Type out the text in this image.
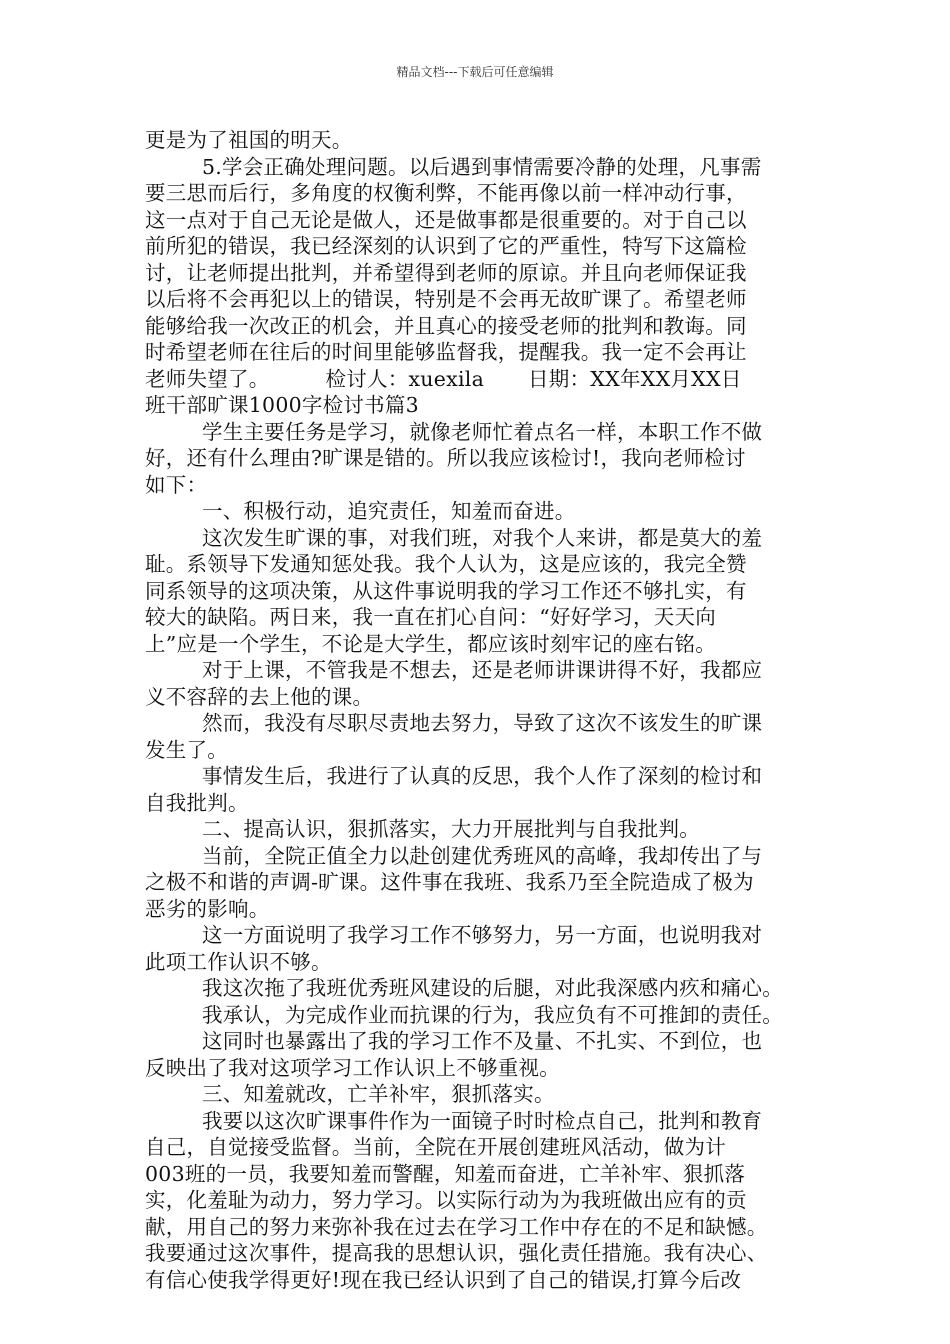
精品文档---下载后可任意编辑
更是为了祖国的明天。
5.学会正确处理问题。以后遇到事情需要冷静的处理，凡事需
要三思而后行，多角度的权衡利弊，不能再像以前一样冲动行事，
这一点对于自己无论是做人，还是做事都是很重要的。对于自己以
前所犯的错误，我已经深刻的认识到了它的严重性，特写下这篇检
讨，让老师提出批判，并希望得到老师的原谅。并且向老师保证我
以后将不会再犯以上的错误，特别是不会再无故旷课了。希望老师
能够给我一次改正的机会，并且真心的接受老师的批判和教诲。同
时希望老师在往后的时间里能够监督我，提醒我。我一定不会再让
老师失望了。	检讨人：xuexila 日期：XX年XX月XX日
班干部旷课1000字检讨书篇3
学生主要任务是学习，就像老师忙着点名一样，本职工作不做
好，还有什么理由?旷课是错的。所以我应该检讨!，我向老师检讨
如下：
一、积极行动，追究责任，知羞而奋进。
这次发生旷课的事，对我们班，对我个人来讲，都是莫大的羞
耻。系领导下发通知惩处我。我个人认为，这是应该的，我完全赞
同系领导的这项决策，从这件事说明我的学习工作还不够扎实，有
较大的缺陷。两日来，我一直在扪心自问：“好好学习，天天向
上”应是一个学生，不论是大学生，都应该时刻牢记的座右铭。
对于上课，不管我是不想去，还是老师讲课讲得不好，我都应
义不容辞的去上他的课。
然而，我没有尽职尽责地去努力，导致了这次不该发生的旷课
发生了。
事情发生后，我进行了认真的反思，我个人作了深刻的检讨和
自我批判。
二、提高认识，狠抓落实，大力开展批判与自我批判。
当前，全院正值全力以赴创建优秀班风的高峰，我却传出了与
之极不和谐的声调-旷课。这件事在我班、我系乃至全院造成了极为
恶劣的影响。
这一方面说明了我学习工作不够努力，另一方面，也说明我对
此项工作认识不够。
我这次拖了我班优秀班风建设的后腿，对此我深感内疚和痛心。
我承认，为完成作业而抗课的行为，我应负有不可推卸的责任。
这同时也暴露出了我的学习工作不及量、不扎实、不到位，也
反映出了我对这项学习工作认识上不够重视。
三、知羞就改，亡羊补牢，狠抓落实。
我要以这次旷课事件作为一面镜子时时检点自己，批判和教育
自己，自觉接受监督。当前，全院在开展创建班风活动，做为计
003班的一员，我要知羞而警醒，知羞而奋进，亡羊补牢、狠抓落
实，化羞耻为动力，努力学习。以实际行动为为我班做出应有的贡
献，用自己的努力来弥补我在过去在学习工作中存在的不足和缺憾。
我要通过这次事件，提高我的思想认识，强化责任措施。我有决心、
有信心使我学得更好!现在我已经认识到了自己的错误,打算今后改
